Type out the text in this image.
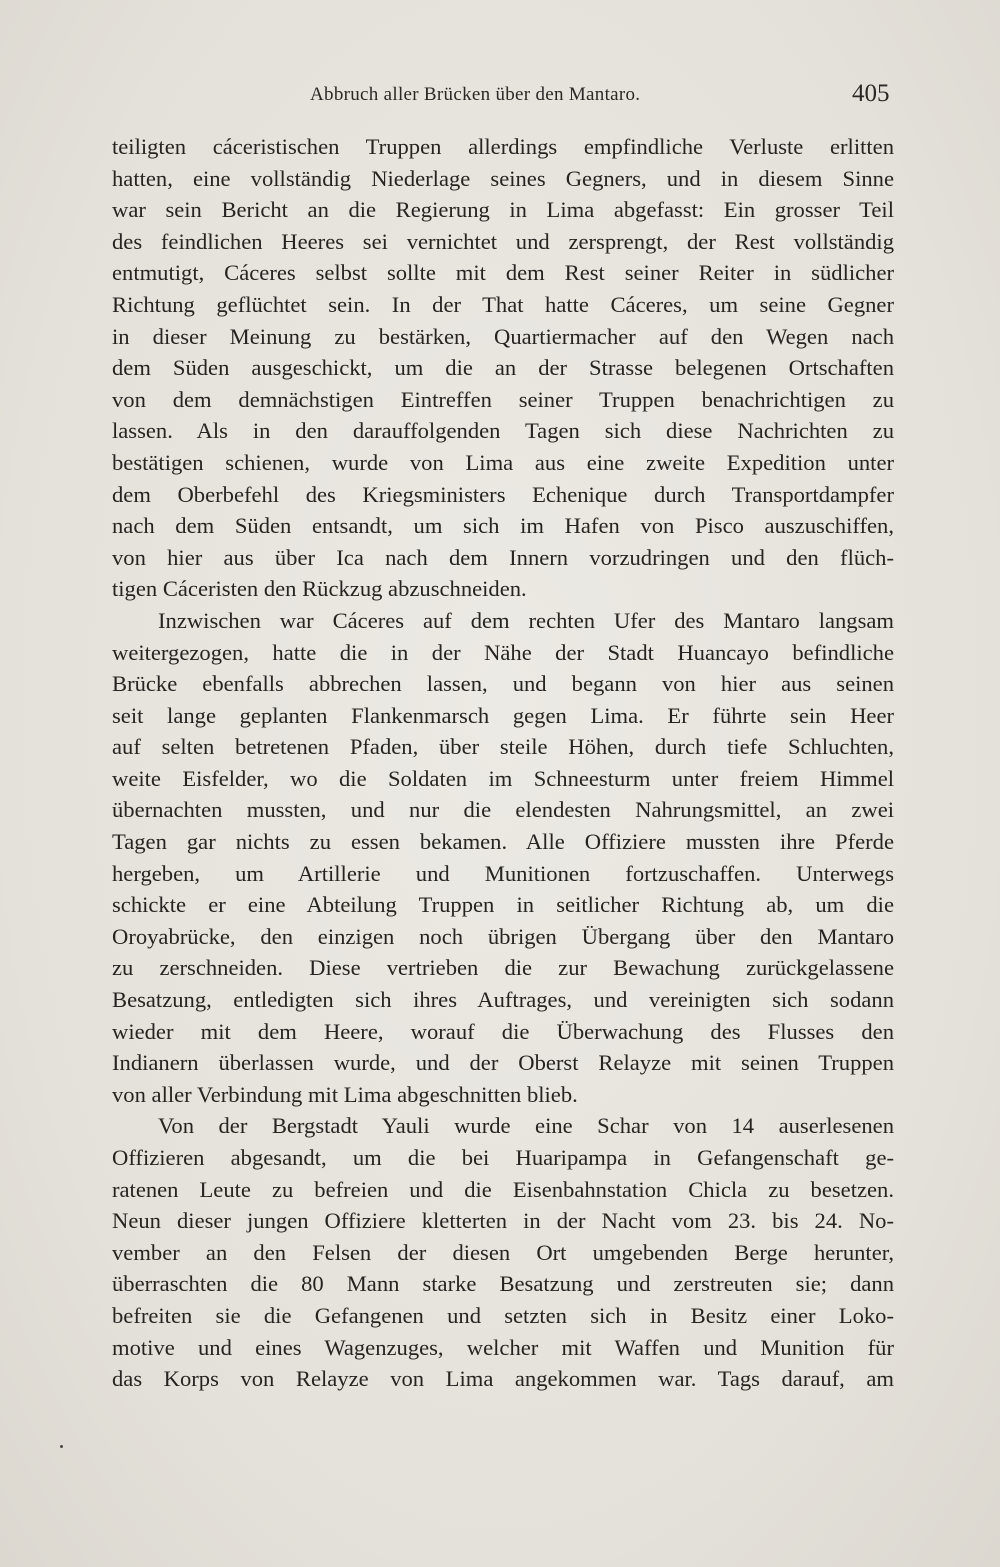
Abbruch aller Brücken über den Mantaro.	405

teiligten cáceristischen Truppen allerdings empfindliche Verluste erlitten
hatten, eine vollständig Niederlage seines Gegners, und in diesem Sinne
war sein Bericht an die Regierung in Lima abgefasst: Ein grosser Teil
des feindlichen Heeres sei vernichtet und zersprengt, der Rest vollständig
entmutigt, Cáceres selbst sollte mit dem Rest seiner Reiter in südlicher
Richtung geflüchtet sein. In der That hatte Cáceres, um seine Gegner
in dieser Meinung zu bestärken, Quartiermacher auf den Wegen nach
dem Süden ausgeschickt, um die an der Strasse belegenen Ortschaften
von dem demnächstigen Eintreffen seiner Truppen benachrichtigen zu
lassen. Als in den darauffolgenden Tagen sich diese Nachrichten zu
bestätigen schienen, wurde von Lima aus eine zweite Expedition unter
dem Oberbefehl des Kriegsministers Echenique durch Transportdampfer
nach dem Süden entsandt, um sich im Hafen von Pisco auszuschiffen,
von hier aus über Ica nach dem Innern vorzudringen und den flüch-
tigen Cáceristen den Rückzug abzuschneiden.
Inzwischen war Cáceres auf dem rechten Ufer des Mantaro langsam
weitergezogen, hatte die in der Nähe der Stadt Huancayo befindliche
Brücke ebenfalls abbrechen lassen, und begann von hier aus seinen
seit lange geplanten Flankenmarsch gegen Lima. Er führte sein Heer
auf selten betretenen Pfaden, über steile Höhen, durch tiefe Schluchten,
weite Eisfelder, wo die Soldaten im Schneesturm unter freiem Himmel
übernachten mussten, und nur die elendesten Nahrungsmittel, an zwei
Tagen gar nichts zu essen bekamen. Alle Offiziere mussten ihre Pferde
hergeben, um Artillerie und Munitionen fortzuschaffen. Unterwegs
schickte er eine Abteilung Truppen in seitlicher Richtung ab, um die
Oroyabrücke, den einzigen noch übrigen Übergang über den Mantaro
zu zerschneiden. Diese vertrieben die zur Bewachung zurückgelassene
Besatzung, entledigten sich ihres Auftrages, und vereinigten sich sodann
wieder mit dem Heere, worauf die Überwachung des Flusses den
Indianern überlassen wurde, und der Oberst Relayze mit seinen Truppen
von aller Verbindung mit Lima abgeschnitten blieb.
Von der Bergstadt Yauli wurde eine Schar von 14 auserlesenen
Offizieren abgesandt, um die bei Huaripampa in Gefangenschaft ge-
ratenen Leute zu befreien und die Eisenbahnstation Chicla zu besetzen.
Neun dieser jungen Offiziere kletterten in der Nacht vom 23. bis 24. No-
vember an den Felsen der diesen Ort umgebenden Berge herunter,
überraschten die 80 Mann starke Besatzung und zerstreuten sie; dann
befreiten sie die Gefangenen und setzten sich in Besitz einer Loko-
motive und eines Wagenzuges, welcher mit Waffen und Munition für
das Korps von Relayze von Lima angekommen war. Tags darauf, am
